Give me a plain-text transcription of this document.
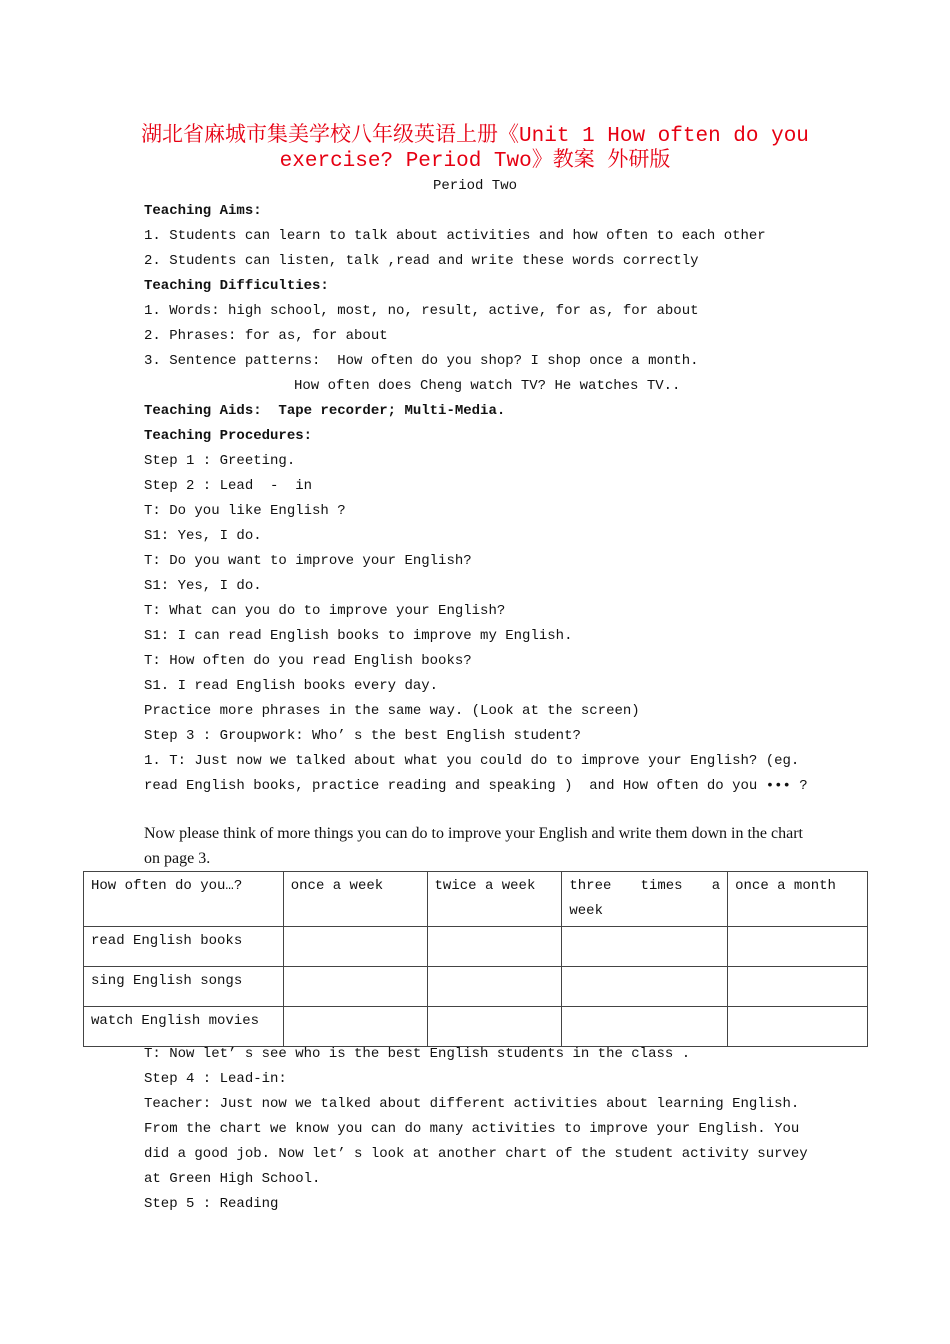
湖北省麻城市集美学校八年级英语上册《Unit 1 How often do you
exercise? Period Two》教案 外研版
Period Two
Teaching Aims:
1. Students can learn to talk about activities and how often to each other
2. Students can listen, talk ,read and write these words correctly
Teaching Difficulties:
1. Words: high school, most, no, result, active, for as, for about
2. Phrases: for as, for about
3. Sentence patterns:  How often do you shop? I shop once a month.
How often does Cheng watch TV? He watches TV..
Teaching Aids:  Tape recorder; Multi-Media.
Teaching Procedures:
Step 1 : Greeting.
Step 2 : Lead  -  in
T: Do you like English ?
S1: Yes, I do.
T: Do you want to improve your English?
S1: Yes, I do.
T: What can you do to improve your English?
S1: I can read English books to improve my English.
T: How often do you read English books?
S1. I read English books every day.
Practice more phrases in the same way. (Look at the screen)
Step 3 : Groupwork: Who’ s the best English student?
1. T: Just now we talked about what you could do to improve your English? (eg.
read English books, practice reading and speaking )  and How often do you ••• ?
Now please think of more things you can do to improve your English and write them down in the chart on page 3.
How often do you…?	once a week	twice a week	three times a week	once a month
read English books				
sing English songs				
watch English movies				
T: Now let’ s see who is the best English students in the class .
Step 4 : Lead-in:
Teacher: Just now we talked about different activities about learning English.
From the chart we know you can do many activities to improve your English. You
did a good job. Now let’ s look at another chart of the student activity survey
at Green High School.
Step 5 : Reading
